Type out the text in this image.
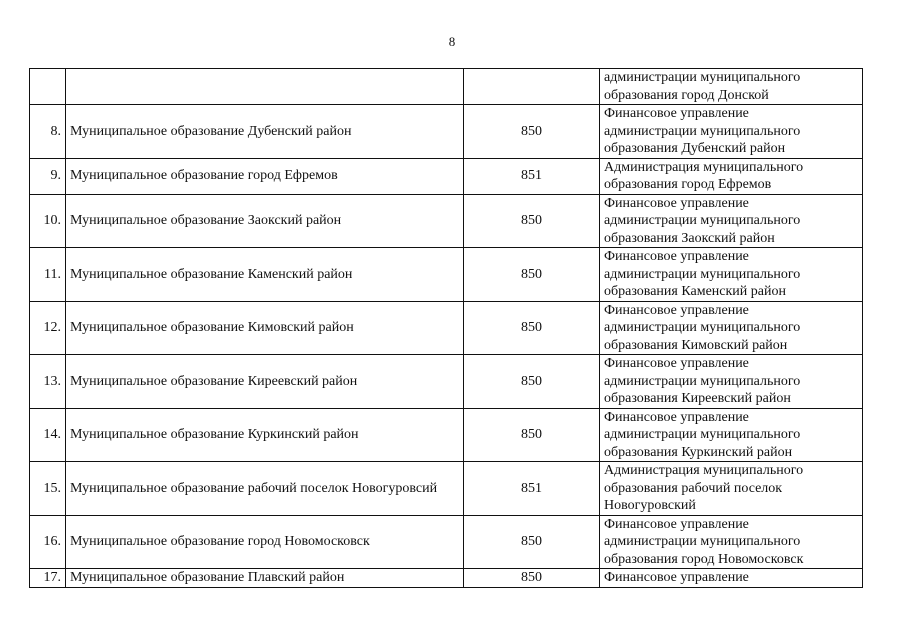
8

			администрации муниципального
образования город Донской

8.	Муниципальное образование Дубенский район	850	Финансовое управление
администрации муниципального
образования Дубенский район

9.	Муниципальное образование город Ефремов	851	Администрация муниципального
образования город Ефремов

10.	Муниципальное образование Заокский район	850	Финансовое управление
администрации муниципального
образования Заокский район

11.	Муниципальное образование Каменский район	850	Финансовое управление
администрации муниципального
образования Каменский район

12.	Муниципальное образование Кимовский район	850	Финансовое управление
администрации муниципального
образования Кимовский район

13.	Муниципальное образование Киреевский район	850	Финансовое управление
администрации муниципального
образования Киреевский район

14.	Муниципальное образование Куркинский район	850	Финансовое управление
администрации муниципального
образования Куркинский район

15.	Муниципальное образование рабочий поселок Новогуровсий	851	Администрация муниципального
образования рабочий поселок
Новогуровский

16.	Муниципальное образование город Новомосковск	850	Финансовое управление
администрации муниципального
образования город Новомосковск

17.	Муниципальное образование Плавский район	850	Финансовое управление
